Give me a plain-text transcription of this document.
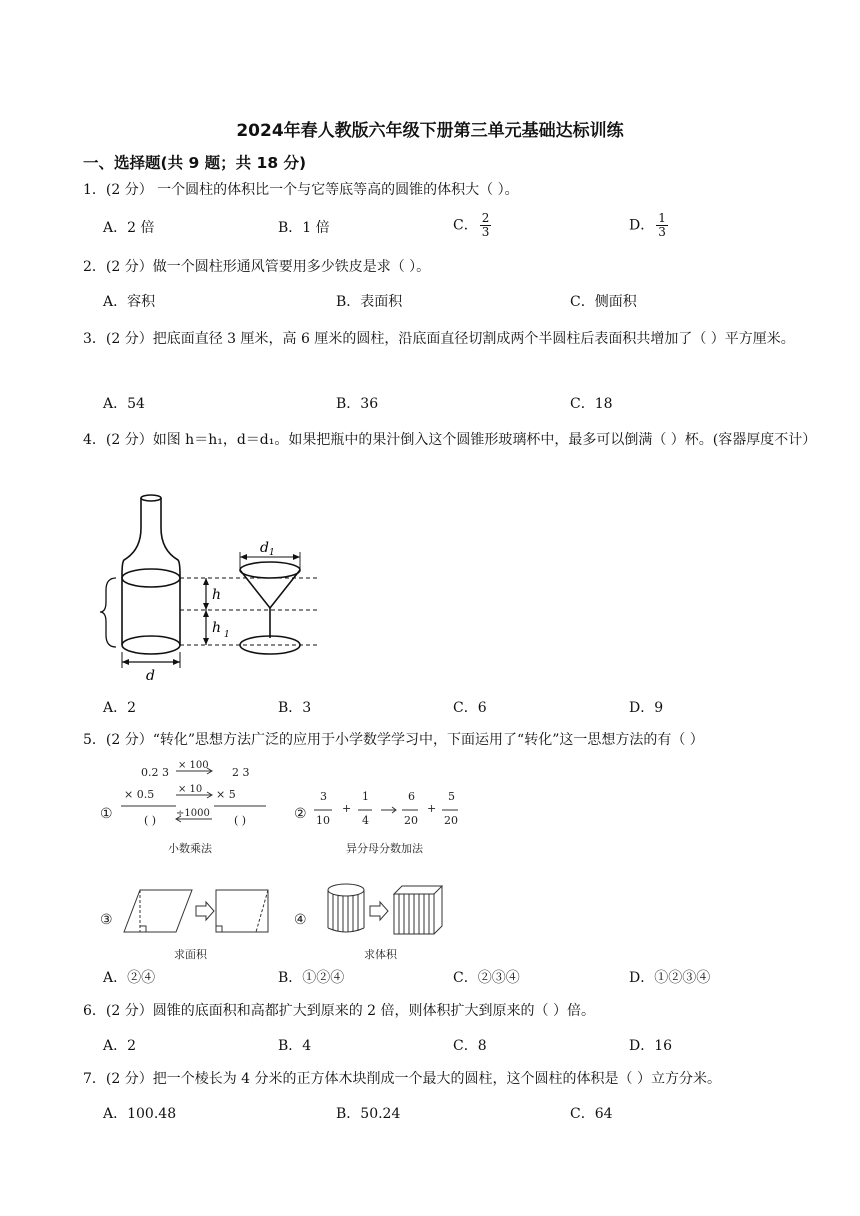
2024年春人教版六年级下册第三单元基础达标训练
一、选择题(共 9 题；共 18 分)
1．(2 分） 一个圆柱的体积比一个与它等底等高的圆锥的体积大（ ）。
A．2 倍	B．1 倍	C． $\frac{2}{3}$	D． $\frac{1}{3}$
2．(2 分）做一个圆柱形通风管要用多少铁皮是求（ ）。
A．容积	B．表面积	C．侧面积
3．(2 分）把底面直径 3 厘米，高 6 厘米的圆柱，沿底面直径切割成两个半圆柱后表面积共增加了（ ）平方厘米。
A．54	B．36	C．18
4．(2 分）如图 h＝h₁，d＝d₁。如果把瓶中的果汁倒入这个圆锥形玻璃杯中，最多可以倒满（ ）杯。(容器厚度不计）
$d_1$
h
h $_1$
d
A．2	B．3	C．6	D．9
5．(2 分）“转化”思想方法广泛的应用于小学数学学习中，下面运用了“转化”这一思想方法的有（ ）
①
0.2 3
× 0.5
× 100
× 10
÷1000
2 3
× 5
( )	( )
小数乘法
②
3
10
+
1
4
6
20
+
5
20
异分母分数加法
③
求面积
④
求体积
A．②④	B．①②④	C．②③④	D．①②③④
6．(2 分）圆锥的底面积和高都扩大到原来的 2 倍，则体积扩大到原来的（ ）倍。
A．2	B．4	C．8	D．16
7．(2 分）把一个棱长为 4 分米的正方体木块削成一个最大的圆柱，这个圆柱的体积是（ ）立方分米。
A．100.48	B．50.24	C．64
